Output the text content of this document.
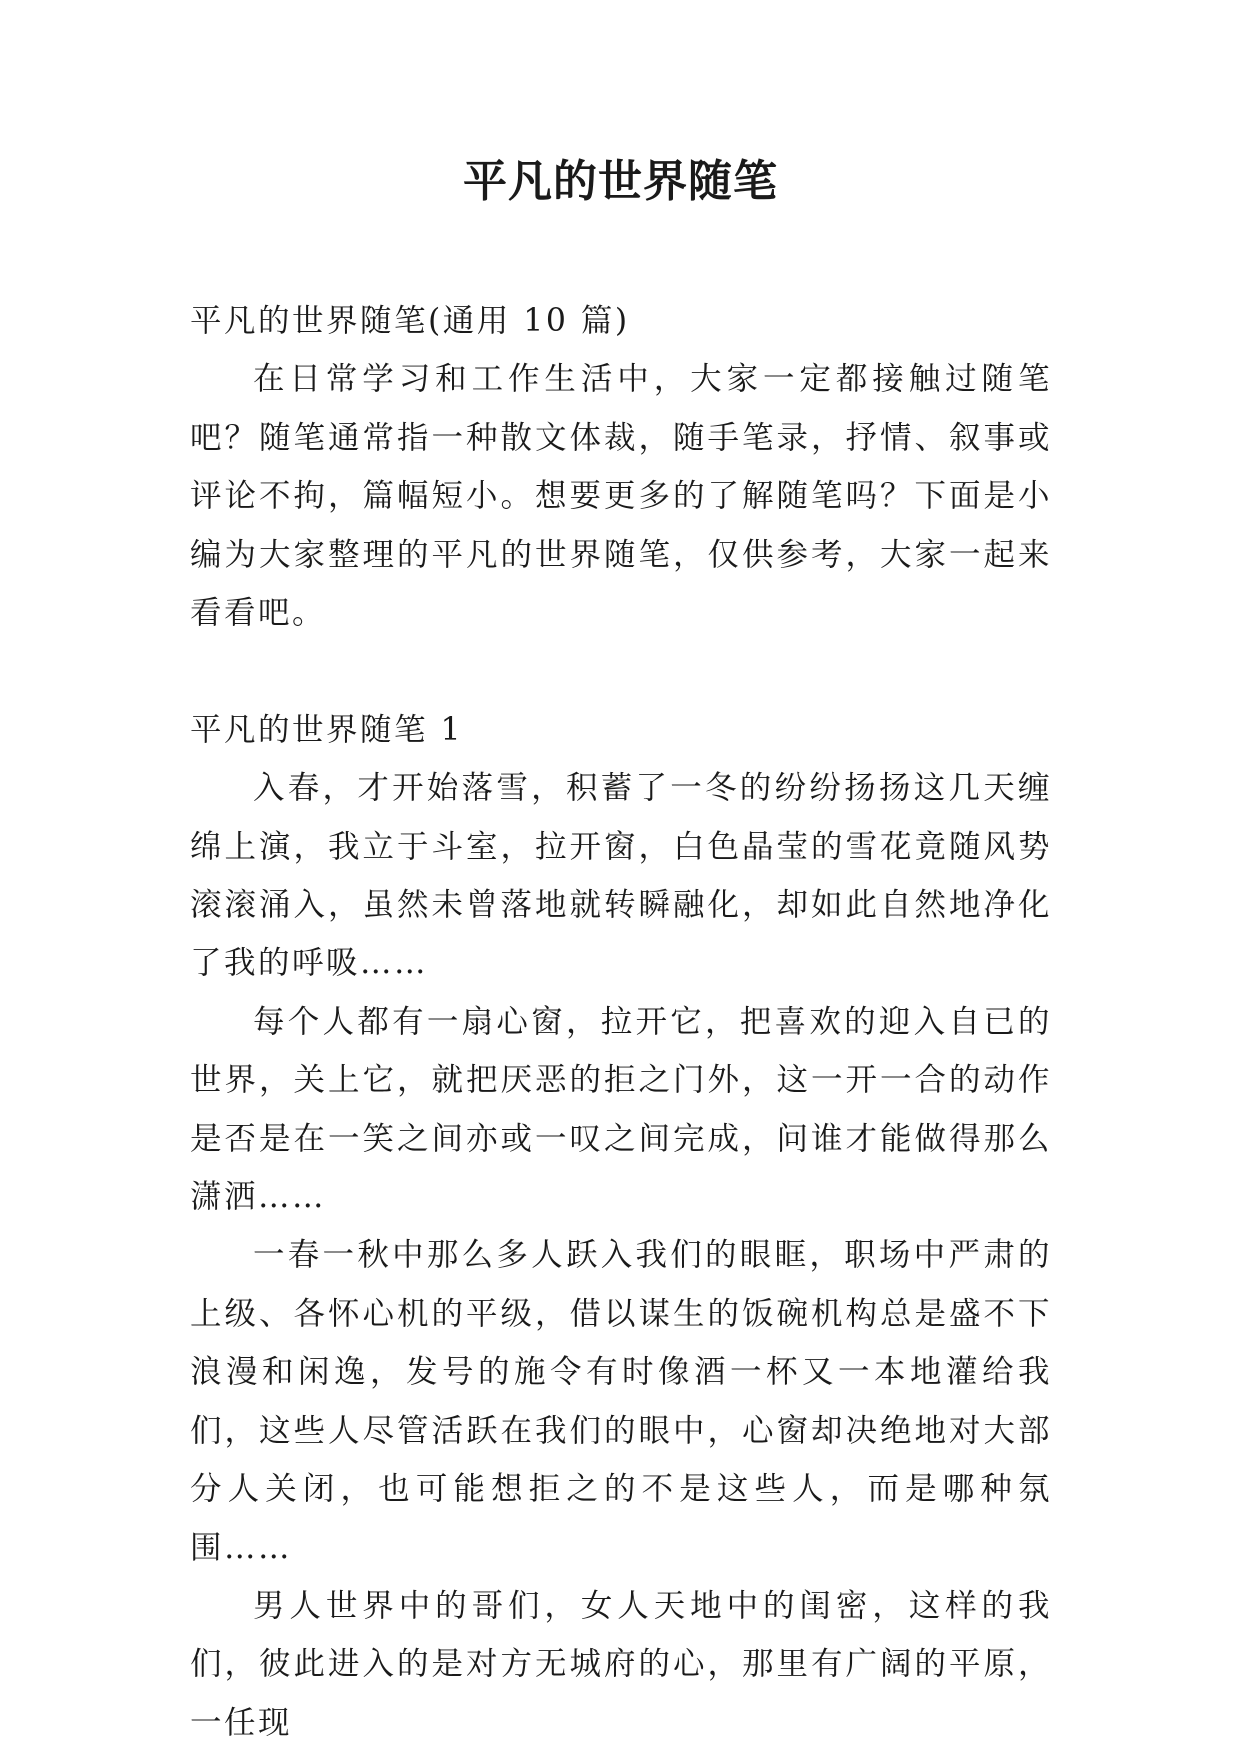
平凡的世界随笔

平凡的世界随笔(通用 10 篇)

在日常学习和工作生活中，大家一定都接触过随笔吧？随笔通常指一种散文体裁，随手笔录，抒情、叙事或评论不拘，篇幅短小。想要更多的了解随笔吗？下面是小编为大家整理的平凡的世界随笔，仅供参考，大家一起来看看吧。

平凡的世界随笔 1

入春，才开始落雪，积蓄了一冬的纷纷扬扬这几天缠绵上演，我立于斗室，拉开窗，白色晶莹的雪花竟随风势滚滚涌入，虽然未曾落地就转瞬融化，却如此自然地净化了我的呼吸……

每个人都有一扇心窗，拉开它，把喜欢的迎入自已的世界，关上它，就把厌恶的拒之门外，这一开一合的动作是否是在一笑之间亦或一叹之间完成，问谁才能做得那么潇洒……

一春一秋中那么多人跃入我们的眼眶，职场中严肃的上级、各怀心机的平级，借以谋生的饭碗机构总是盛不下浪漫和闲逸，发号的施令有时像酒一杯又一本地灌给我们，这些人尽管活跃在我们的眼中，心窗却决绝地对大部分人关闭，也可能想拒之的不是这些人，而是哪种氛围……

男人世界中的哥们，女人天地中的闺密，这样的我们，彼此进入的是对方无城府的心，那里有广阔的平原，一任现
